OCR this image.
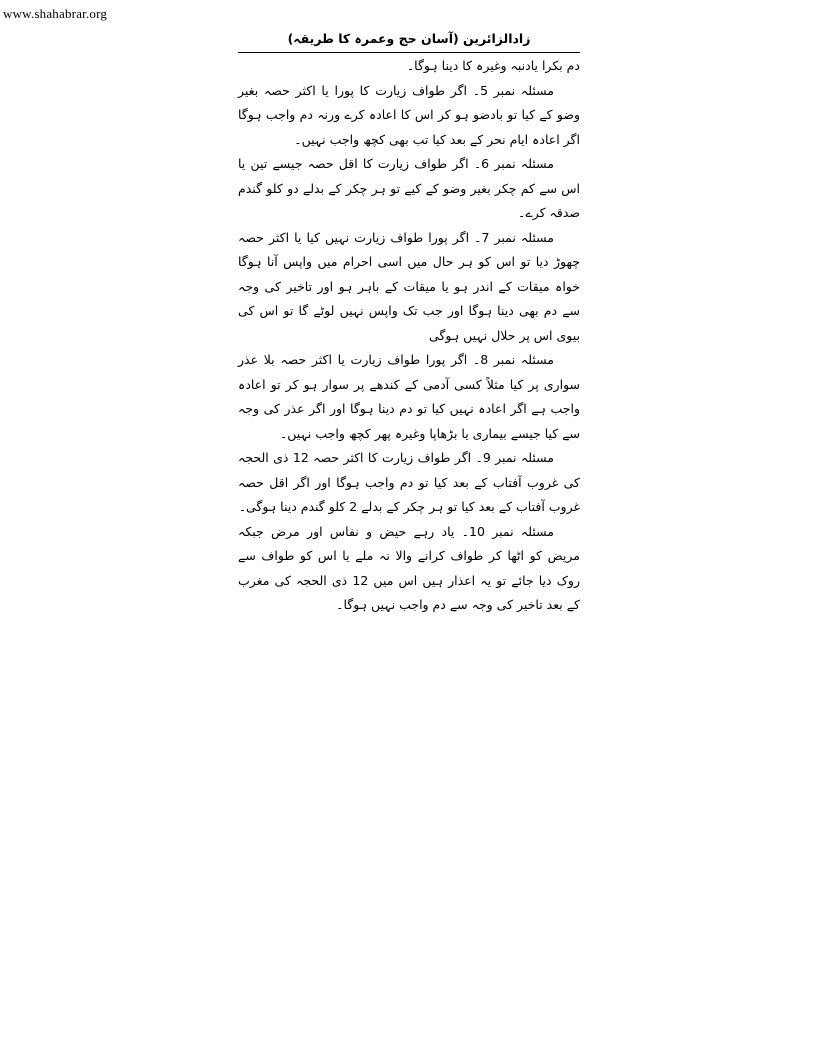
www.shahabrar.org
زادالزائرین (آسان حج وعمرہ کا طریقہ)

دم بکرا یادنبہ وغیرہ کا دینا ہوگا۔

مسئلہ نمبر 5۔ اگر طواف زیارت کا پورا یا اکثر حصہ بغیر وضو کے کیا تو بادضو ہو کر اس کا اعادہ کرے ورنہ دم واجب ہوگا اگر اعادہ ایام نحر کے بعد کیا تب بھی کچھ واجب نہیں۔

مسئلہ نمبر 6۔ اگر طواف زیارت کا اقل حصہ جیسے تین یا اس سے کم چکر بغیر وضو کے کیے تو ہر چکر کے بدلے دو کلو گندم صدقہ کرے۔

مسئلہ نمبر 7۔ اگر پورا طواف زیارت نہیں کیا یا اکثر حصہ چھوڑ دیا تو اس کو ہر حال میں اسی احرام میں واپس آنا ہوگا خواہ میقات کے اندر ہو یا میقات کے باہر ہو اور تاخیر کی وجہ سے دم بھی دینا ہوگا اور جب تک واپس نہیں لوٹے گا تو اس کی بیوی اس پر حلال نہیں ہوگی

مسئلہ نمبر 8۔ اگر پورا طواف زیارت یا اکثر حصہ بلا عذر سواری پر کیا مثلاً کسی آدمی کے کندھے پر سوار ہو کر تو اعادہ واجب ہے اگر اعادہ نہیں کیا تو دم دینا ہوگا اور اگر عذر کی وجہ سے کیا جیسے بیماری یا بڑھاپا وغیرہ پھر کچھ واجب نہیں۔

مسئلہ نمبر 9۔ اگر طواف زیارت کا اکثر حصہ 12 ذی الحجہ کی غروب آفتاب کے بعد کیا تو دم واجب ہوگا اور اگر اقل حصہ غروب آفتاب کے بعد کیا تو ہر چکر کے بدلے 2 کلو گندم دینا ہوگی۔

مسئلہ نمبر 10۔ یاد رہے حیض و نفاس اور مرض جبکہ مریض کو اٹھا کر طواف کرانے والا نہ ملے یا اس کو طواف سے روک دیا جائے تو یہ اعذار ہیں اس میں 12 ذی الحجہ کی مغرب کے بعد تاخیر کی وجہ سے دم واجب نہیں ہوگا۔
